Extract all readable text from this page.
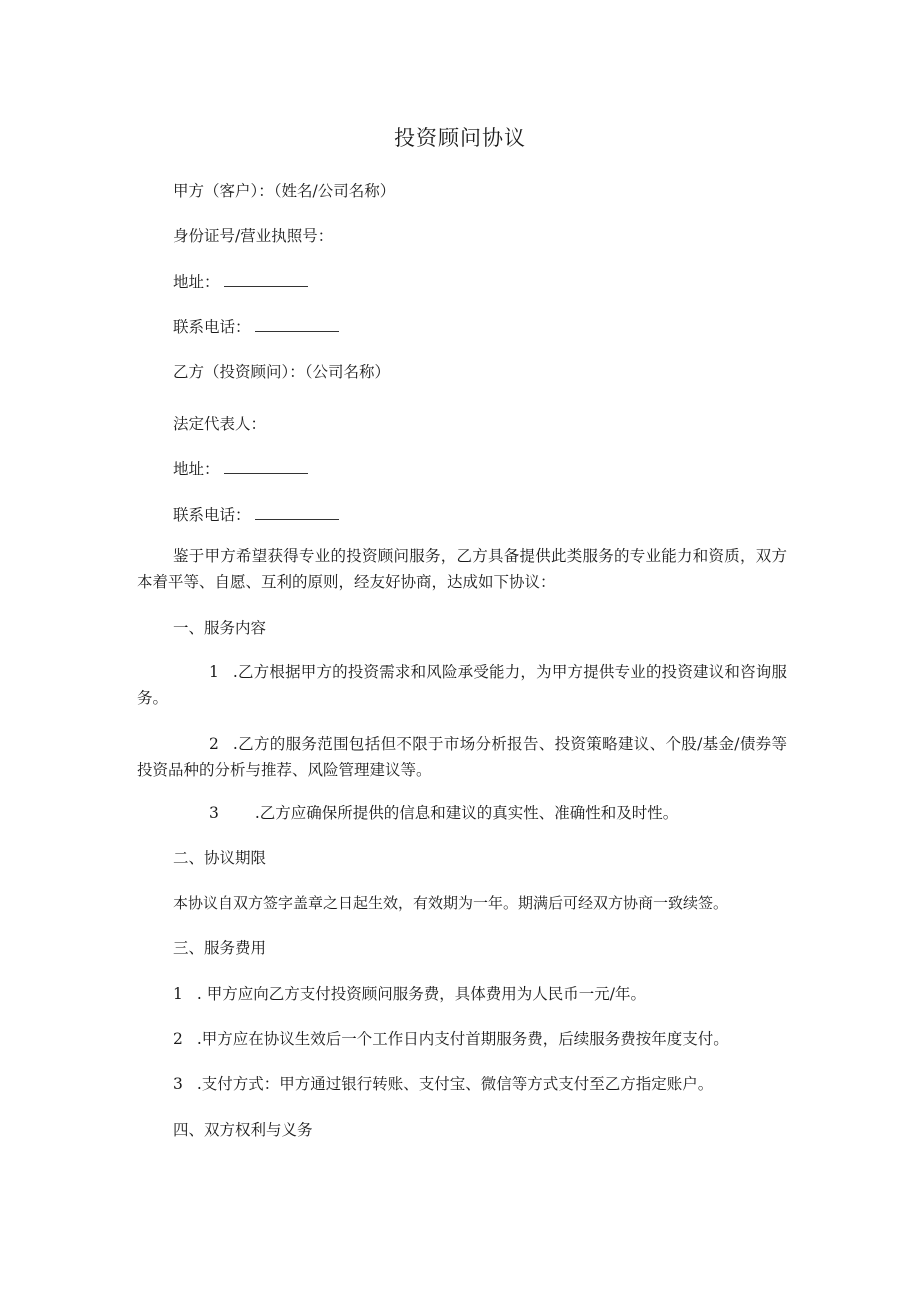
投资顾问协议
甲方（客户）：（姓名/公司名称）
身份证号/营业执照号：
地址：
联系电话：
乙方（投资顾问）：（公司名称）
法定代表人：
地址：
联系电话：
鉴于甲方希望获得专业的投资顾问服务，乙方具备提供此类服务的专业能力和资质，双方本着平等、自愿、互利的原则，经友好协商，达成如下协议：
一、服务内容
1 .乙方根据甲方的投资需求和风险承受能力，为甲方提供专业的投资建议和咨询服务。
2 .乙方的服务范围包括但不限于市场分析报告、投资策略建议、个股/基金/债券等投资品种的分析与推荐、风险管理建议等。
3 .乙方应确保所提供的信息和建议的真实性、准确性和及时性。
二、协议期限
本协议自双方签字盖章之日起生效，有效期为一年。期满后可经双方协商一致续签。
三、服务费用
1 . 甲方应向乙方支付投资顾问服务费，具体费用为人民币一元/年。
2 .甲方应在协议生效后一个工作日内支付首期服务费，后续服务费按年度支付。
3 .支付方式：甲方通过银行转账、支付宝、微信等方式支付至乙方指定账户。
四、双方权利与义务
